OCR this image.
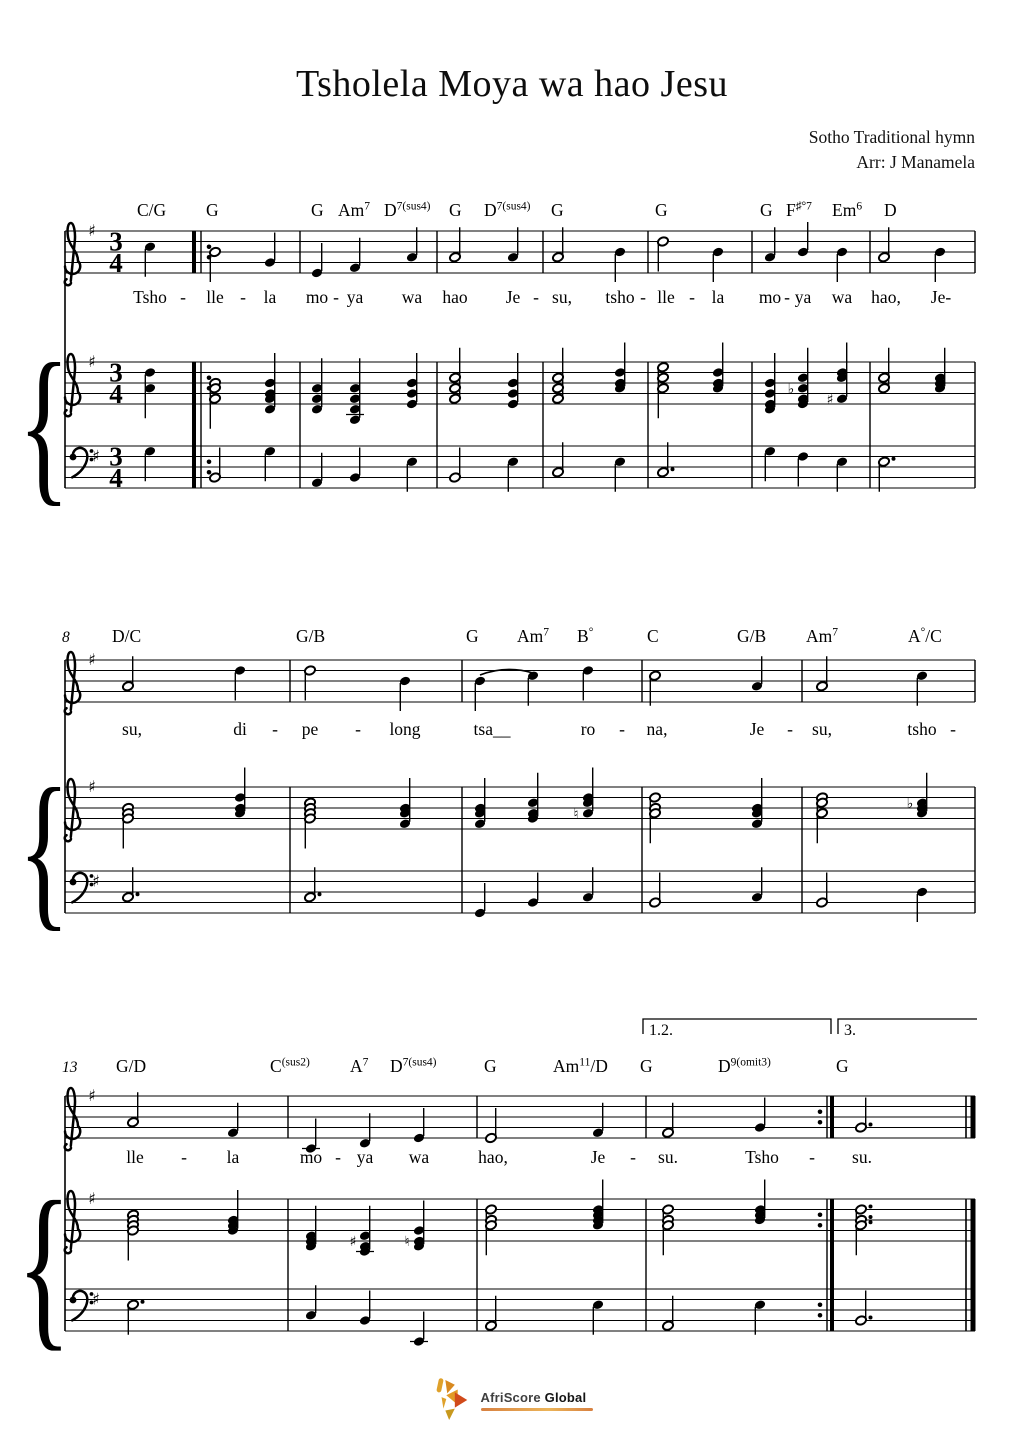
Tsholela Moya wa hao Jesu
Sotho Traditional hymn
Arr: J Manamela
♯ 3
4
♯
♯
3
4
3
4
♭
♯
{
C/G G	G Am$^7$ $D^{7(sus4)}$ G $D^{7(sus4)}$ G	G	G $F^{♯^\circ 7}$ Em$^6$ D
Tsho - lle - la mo - ya wa hao Je - su, tsho - lle - la mo - ya wa hao, Je-
♯
♯
♯
♮
♭
{
8 D/C	G/B	G Am$^7$ B°	C	G/B Am$^7$	A°/C
su,	di - pe - long	tsa__	ro - na,	Je - su,	tsho -
♯
♯
♯
♯	♮
{
1.2.	3.
13 G/D	$C^{(sus2)}$ $A^7$ $D^{7(sus4)}$	G	Am$^{11}$/D G	$D^{9(omit3)}$	G
lle - la	mo - ya wa	hao,	Je - su.	Tsho - su.
AfriScore Global
